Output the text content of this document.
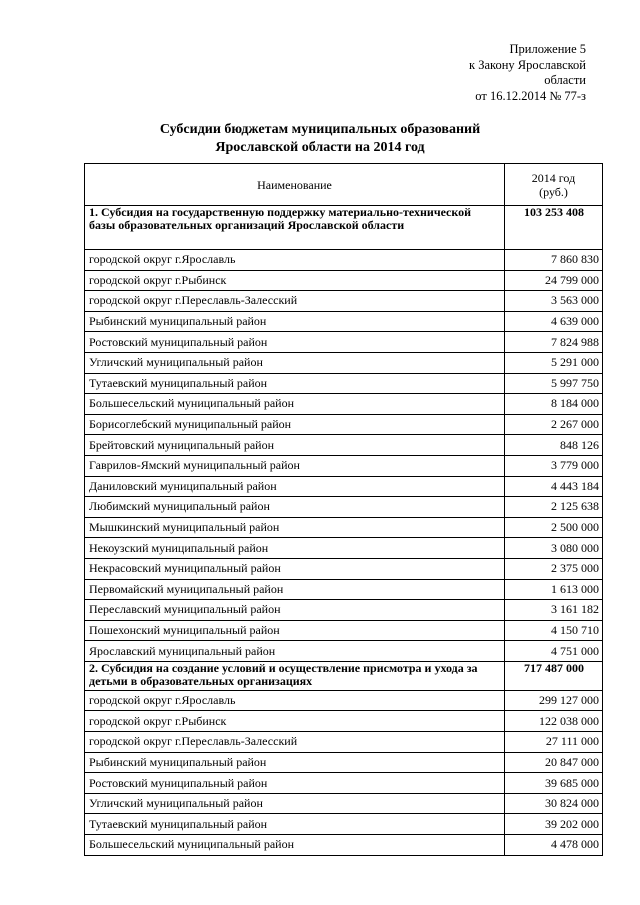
Приложение 5
к Закону Ярославской
области
от 16.12.2014 № 77-з
Субсидии бюджетам муниципальных образований
Ярославской области на 2014 год
Наименование	2014 год
(руб.)

1. Субсидия на государственную поддержку материально-технической базы образовательных организаций Ярославской области	103 253 408
городской округ г.Ярославль	7 860 830
городской округ г.Рыбинск	24 799 000
городской округ г.Переславль-Залесский	3 563 000
Рыбинский муниципальный район	4 639 000
Ростовский муниципальный район	7 824 988
Угличский муниципальный район	5 291 000
Тутаевский муниципальный район	5 997 750
Большесельский муниципальный район	8 184 000
Борисоглебский муниципальный район	2 267 000
Брейтовский муниципальный район	848 126
Гаврилов-Ямский муниципальный район	3 779 000
Даниловский муниципальный район	4 443 184
Любимский муниципальный район	2 125 638
Мышкинский муниципальный район	2 500 000
Некоузский муниципальный район	3 080 000
Некрасовский муниципальный район	2 375 000
Первомайский муниципальный район	1 613 000
Переславский муниципальный район	3 161 182
Пошехонский муниципальный район	4 150 710
Ярославский муниципальный район	4 751 000
2. Субсидия на создание условий и осуществление присмотра и ухода за детьми в образовательных организациях	717 487 000
городской округ г.Ярославль	299 127 000
городской округ г.Рыбинск	122 038 000
городской округ г.Переславль-Залесский	27 111 000
Рыбинский муниципальный район	20 847 000
Ростовский муниципальный район	39 685 000
Угличский муниципальный район	30 824 000
Тутаевский муниципальный район	39 202 000
Большесельский муниципальный район	4 478 000
